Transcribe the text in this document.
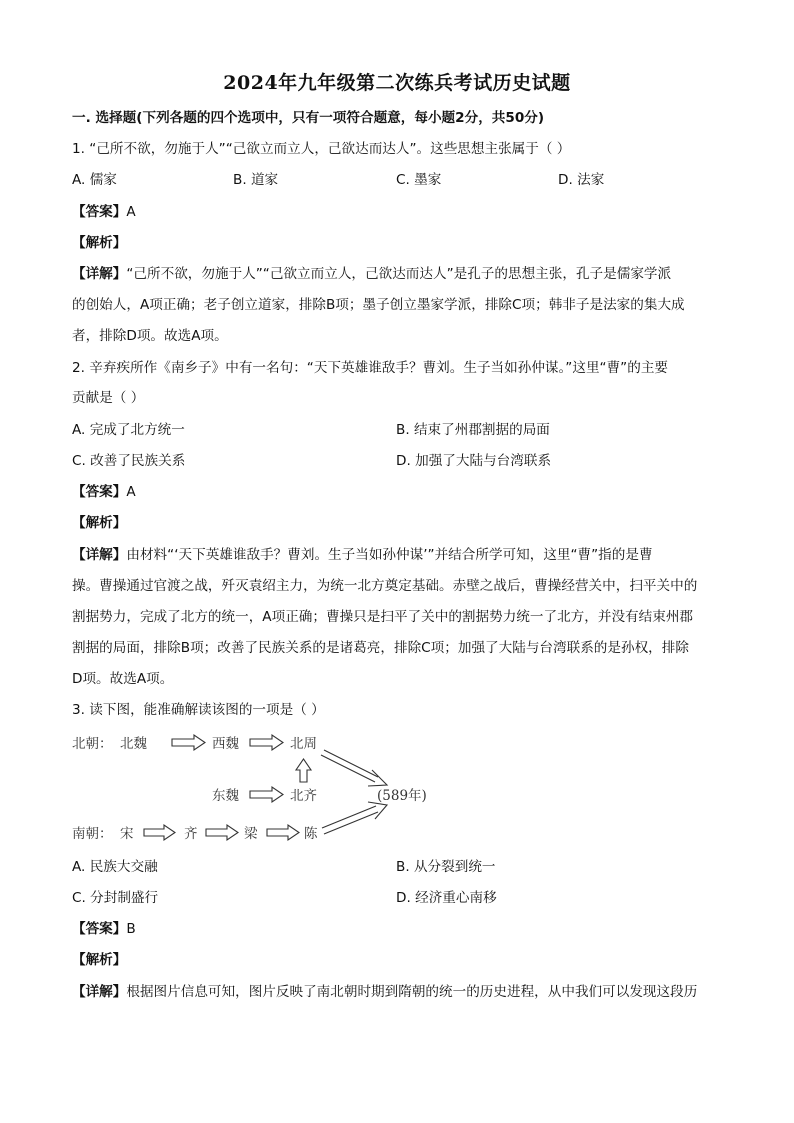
2024年九年级第二次练兵考试历史试题
一. 选择题(下列各题的四个选项中，只有一项符合题意，每小题2分，共50分)
1. “己所不欲，勿施于人”“己欲立而立人，己欲达而达人”。这些思想主张属于（ ）
A. 儒家	B. 道家	C. 墨家	D. 法家
【答案】A
【解析】
【详解】“己所不欲，勿施于人”“己欲立而立人，己欲达而达人”是孔子的思想主张，孔子是儒家学派
的创始人，A项正确；老子创立道家，排除B项；墨子创立墨家学派，排除C项；韩非子是法家的集大成
者，排除D项。故选A项。
2. 辛弃疾所作《南乡子》中有一名句：“天下英雄谁敌手？曹刘。生子当如孙仲谋。”这里“曹”的主要
贡献是（ ）
A. 完成了北方统一	B. 结束了州郡割据的局面
C. 改善了民族关系	D. 加强了大陆与台湾联系
【答案】A
【解析】
【详解】由材料“‘天下英雄谁敌手？曹刘。生子当如孙仲谋’”并结合所学可知，这里“曹”指的是曹
操。曹操通过官渡之战，歼灭袁绍主力，为统一北方奠定基础。赤壁之战后，曹操经营关中，扫平关中的
割据势力，完成了北方的统一，A项正确；曹操只是扫平了关中的割据势力统一了北方，并没有结束州郡
割据的局面，排除B项；改善了民族关系的是诸葛亮，排除C项；加强了大陆与台湾联系的是孙权，排除
D项。故选A项。
3. 读下图，能准确解读该图的一项是（ ）
北朝： 北魏	西魏	北周
东魏	北齐	(589年)
南朝： 宋	齐	梁	陈
A. 民族大交融	B. 从分裂到统一
C. 分封制盛行	D. 经济重心南移
【答案】B
【解析】
【详解】根据图片信息可知，图片反映了南北朝时期到隋朝的统一的历史进程，从中我们可以发现这段历
